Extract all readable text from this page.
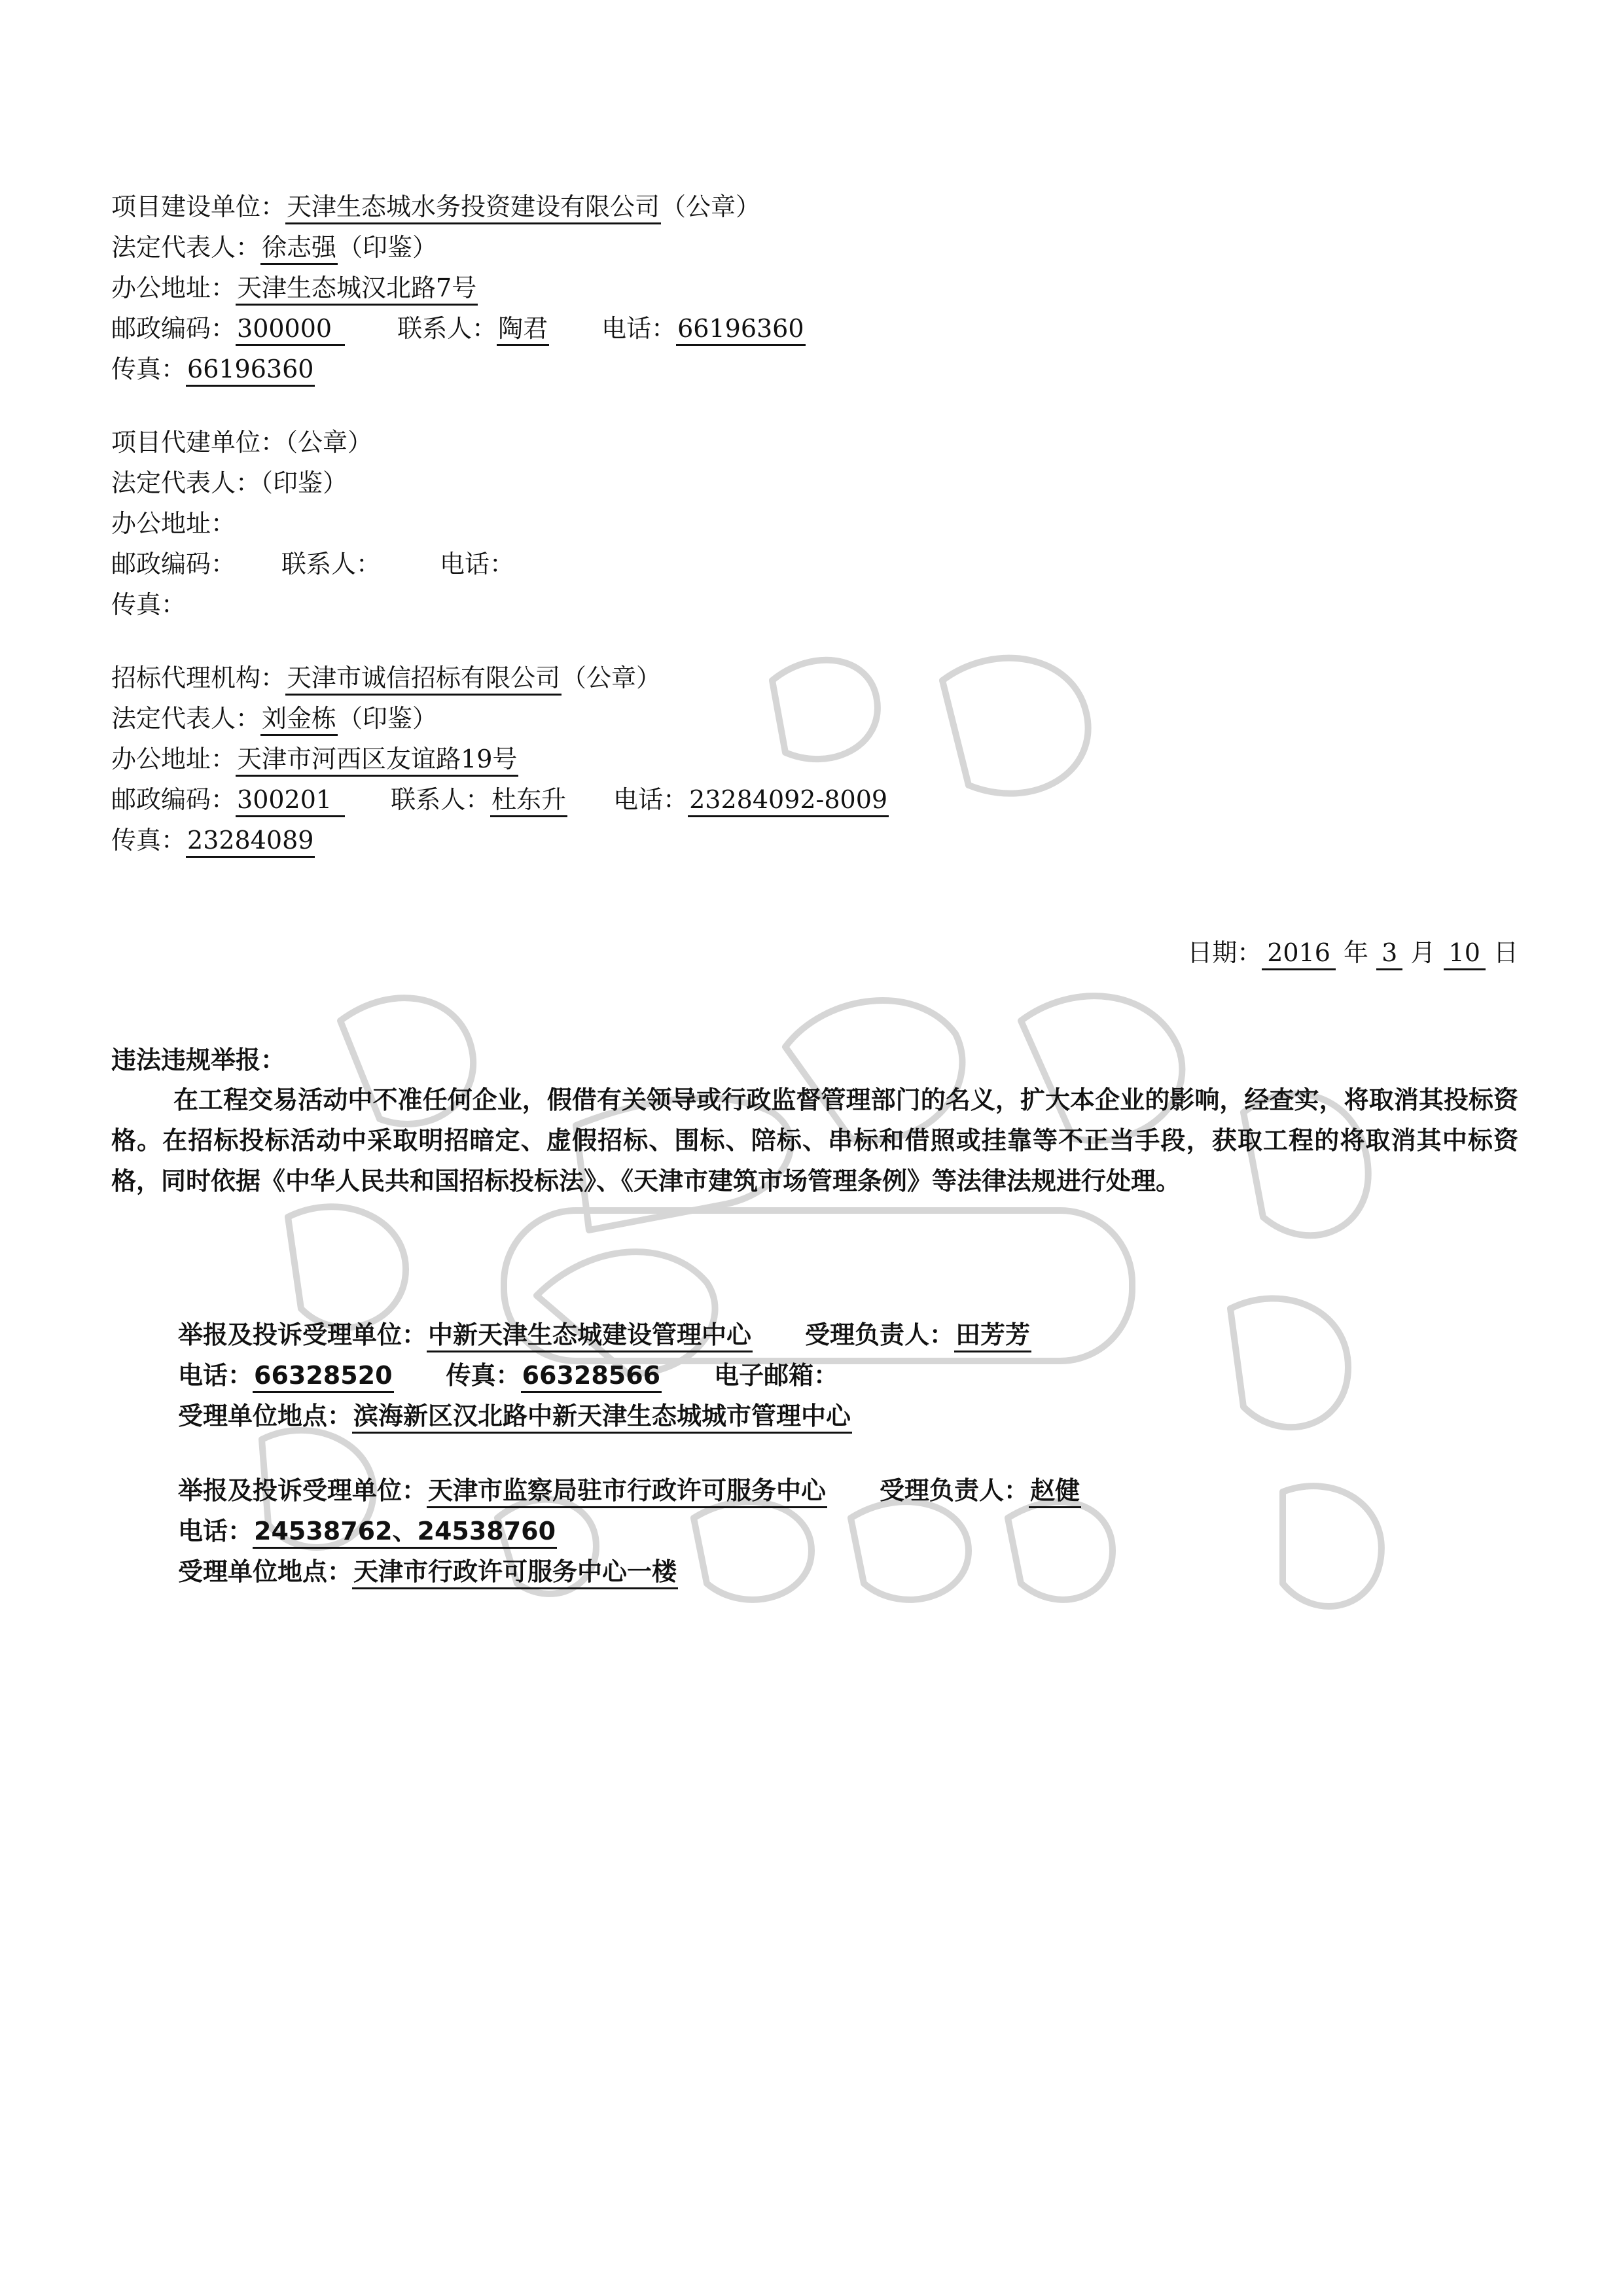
项目建设单位：天津生态城水务投资建设有限公司（公章）
法定代表人：徐志强（印鉴）
办公地址：天津生态城汉北路7号
邮政编码：300000	联系人：陶君 电话：66196360
传真：66196360
项目代建单位：（公章）
法定代表人：（印鉴）
办公地址：
邮政编码： 联系人： 电话：
传真：
招标代理机构：天津市诚信招标有限公司（公章）
法定代表人：刘金栋（印鉴）
办公地址：天津市河西区友谊路19号
邮政编码：300201 联系人：杜东升 电话：23284092-8009
传真：23284089
日期： 2016 年 3 月 10 日
违法违规举报：
在工程交易活动中不准任何企业，假借有关领导或行政监督管理部门的名义，扩大本企业的影响，经查实，将取消其投标资格。在招标投标活动中采取明招暗定、虚假招标、围标、陪标、串标和借照或挂靠等不正当手段，获取工程的将取消其中标资格，同时依据《中华人民共和国招标投标法》、《天津市建筑市场管理条例》等法律法规进行处理。
举报及投诉受理单位：中新天津生态城建设管理中心 受理负责人：田芳芳
电话：66328520 传真：66328566 电子邮箱：
受理单位地点：滨海新区汉北路中新天津生态城城市管理中心
举报及投诉受理单位：天津市监察局驻市行政许可服务中心 受理负责人：赵健
电话：24538762、24538760
受理单位地点：天津市行政许可服务中心一楼
